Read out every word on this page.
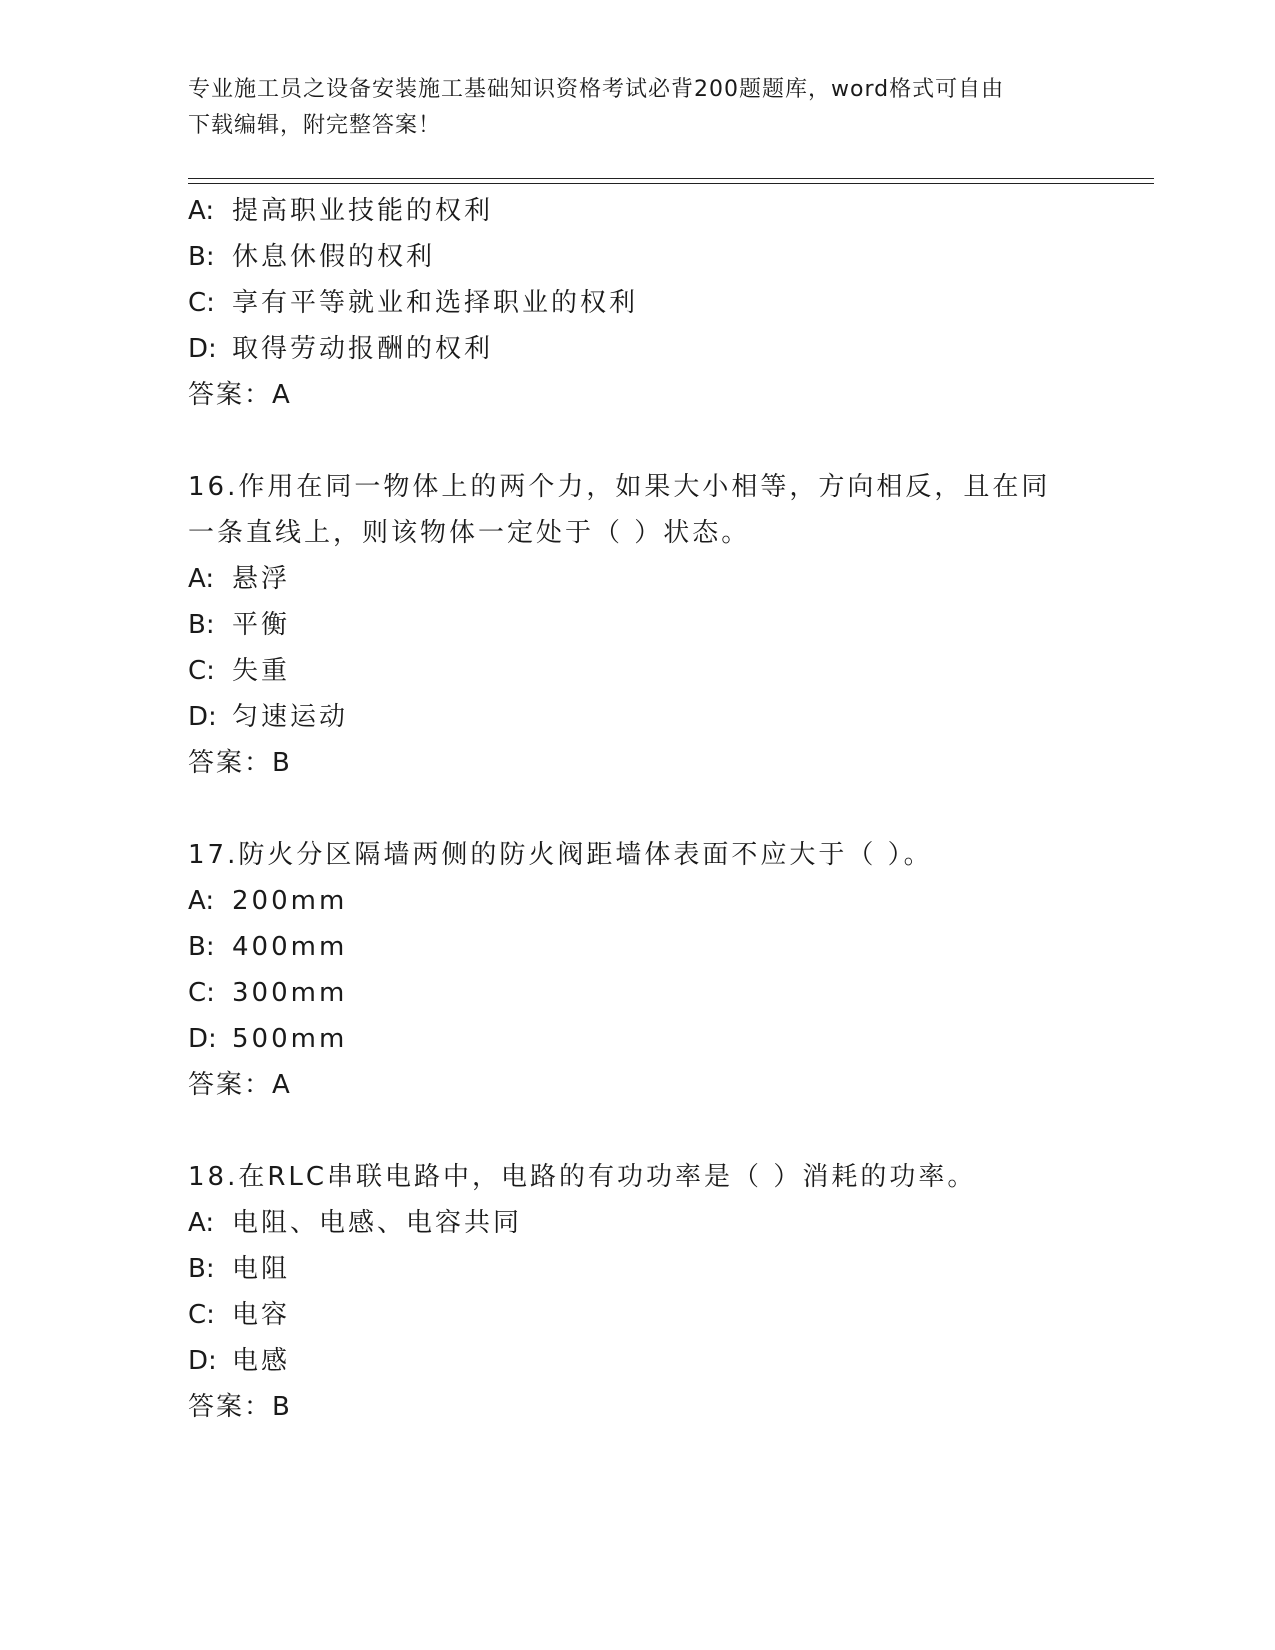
专业施工员之设备安装施工基础知识资格考试必背200题题库，word格式可自由
下载编辑，附完整答案！
A: 提高职业技能的权利
B: 休息休假的权利
C: 享有平等就业和选择职业的权利
D: 取得劳动报酬的权利
答案：A
16.作用在同一物体上的两个力，如果大小相等，方向相反，且在同一条直线上，则该物体一定处于（ ）状态。
A: 悬浮
B: 平衡
C: 失重
D: 匀速运动
答案：B
17.防火分区隔墙两侧的防火阀距墙体表面不应大于（ ）。
A: 200mm
B: 400mm
C: 300mm
D: 500mm
答案：A
18.在RLC串联电路中，电路的有功功率是（ ）消耗的功率。
A: 电阻、电感、电容共同
B: 电阻
C: 电容
D: 电感
答案：B
